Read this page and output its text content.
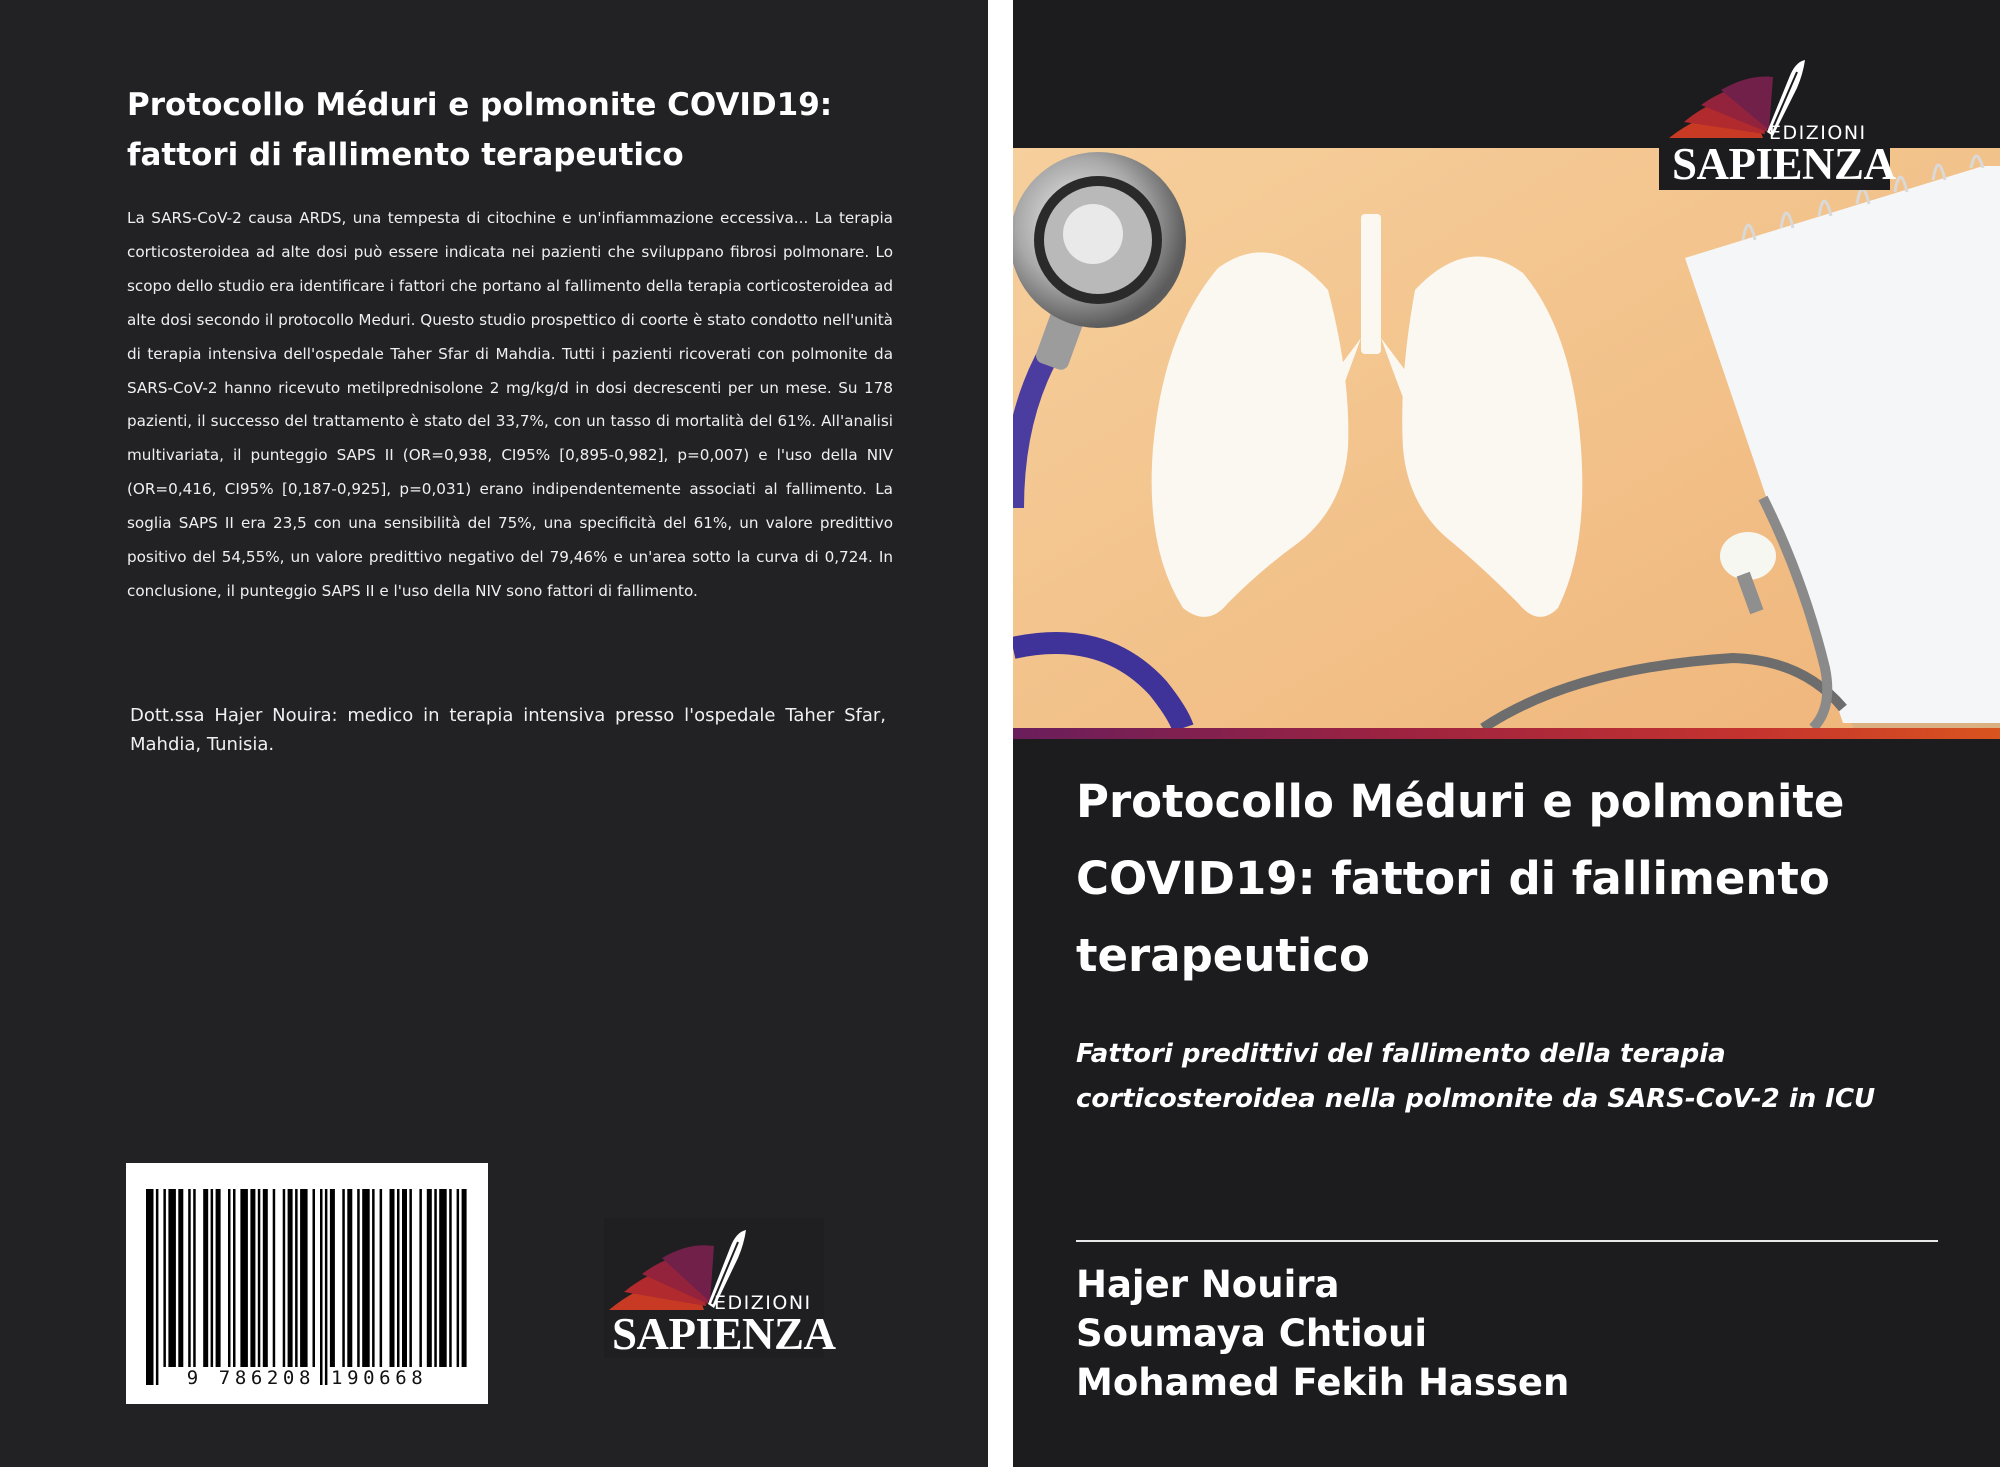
Protocollo Méduri e polmonite COVID19: fattori di fallimento terapeutico

La SARS-CoV-2 causa ARDS, una tempesta di citochine e un'infiammazione eccessiva... La terapia corticosteroidea ad alte dosi può essere indicata nei pazienti che sviluppano fibrosi polmonare. Lo scopo dello studio era identificare i fattori che portano al fallimento della terapia corticosteroidea ad alte dosi secondo il protocollo Meduri. Questo studio prospettico di coorte è stato condotto nell'unità di terapia intensiva dell'ospedale Taher Sfar di Mahdia. Tutti i pazienti ricoverati con polmonite da SARS-CoV-2 hanno ricevuto metilprednisolone 2 mg/kg/d in dosi decrescenti per un mese. Su 178 pazienti, il successo del trattamento è stato del 33,7%, con un tasso di mortalità del 61%. All'analisi multivariata, il punteggio SAPS II (OR=0,938, CI95% [0,895-0,982], p=0,007) e l'uso della NIV (OR=0,416, CI95% [0,187-0,925], p=0,031) erano indipendentemente associati al fallimento. La soglia SAPS II era 23,5 con una sensibilità del 75%, una specificità del 61%, un valore predittivo positivo del 54,55%, un valore predittivo negativo del 79,46% e un'area sotto la curva di 0,724. In conclusione, il punteggio SAPS II e l'uso della NIV sono fattori di fallimento.

Dott.ssa Hajer Nouira: medico in terapia intensiva presso l'ospedale Taher Sfar, Mahdia, Tunisia.

9 786208 190668
EDIZIONI
SAPIENZA
EDIZIONI
SAPIENZA
Protocollo Méduri e polmonite COVID19: fattori di fallimento terapeutico

Fattori predittivi del fallimento della terapia corticosteroidea nella polmonite da SARS-CoV-2 in ICU

Hajer Nouira
Soumaya Chtioui
Mohamed Fekih Hassen
